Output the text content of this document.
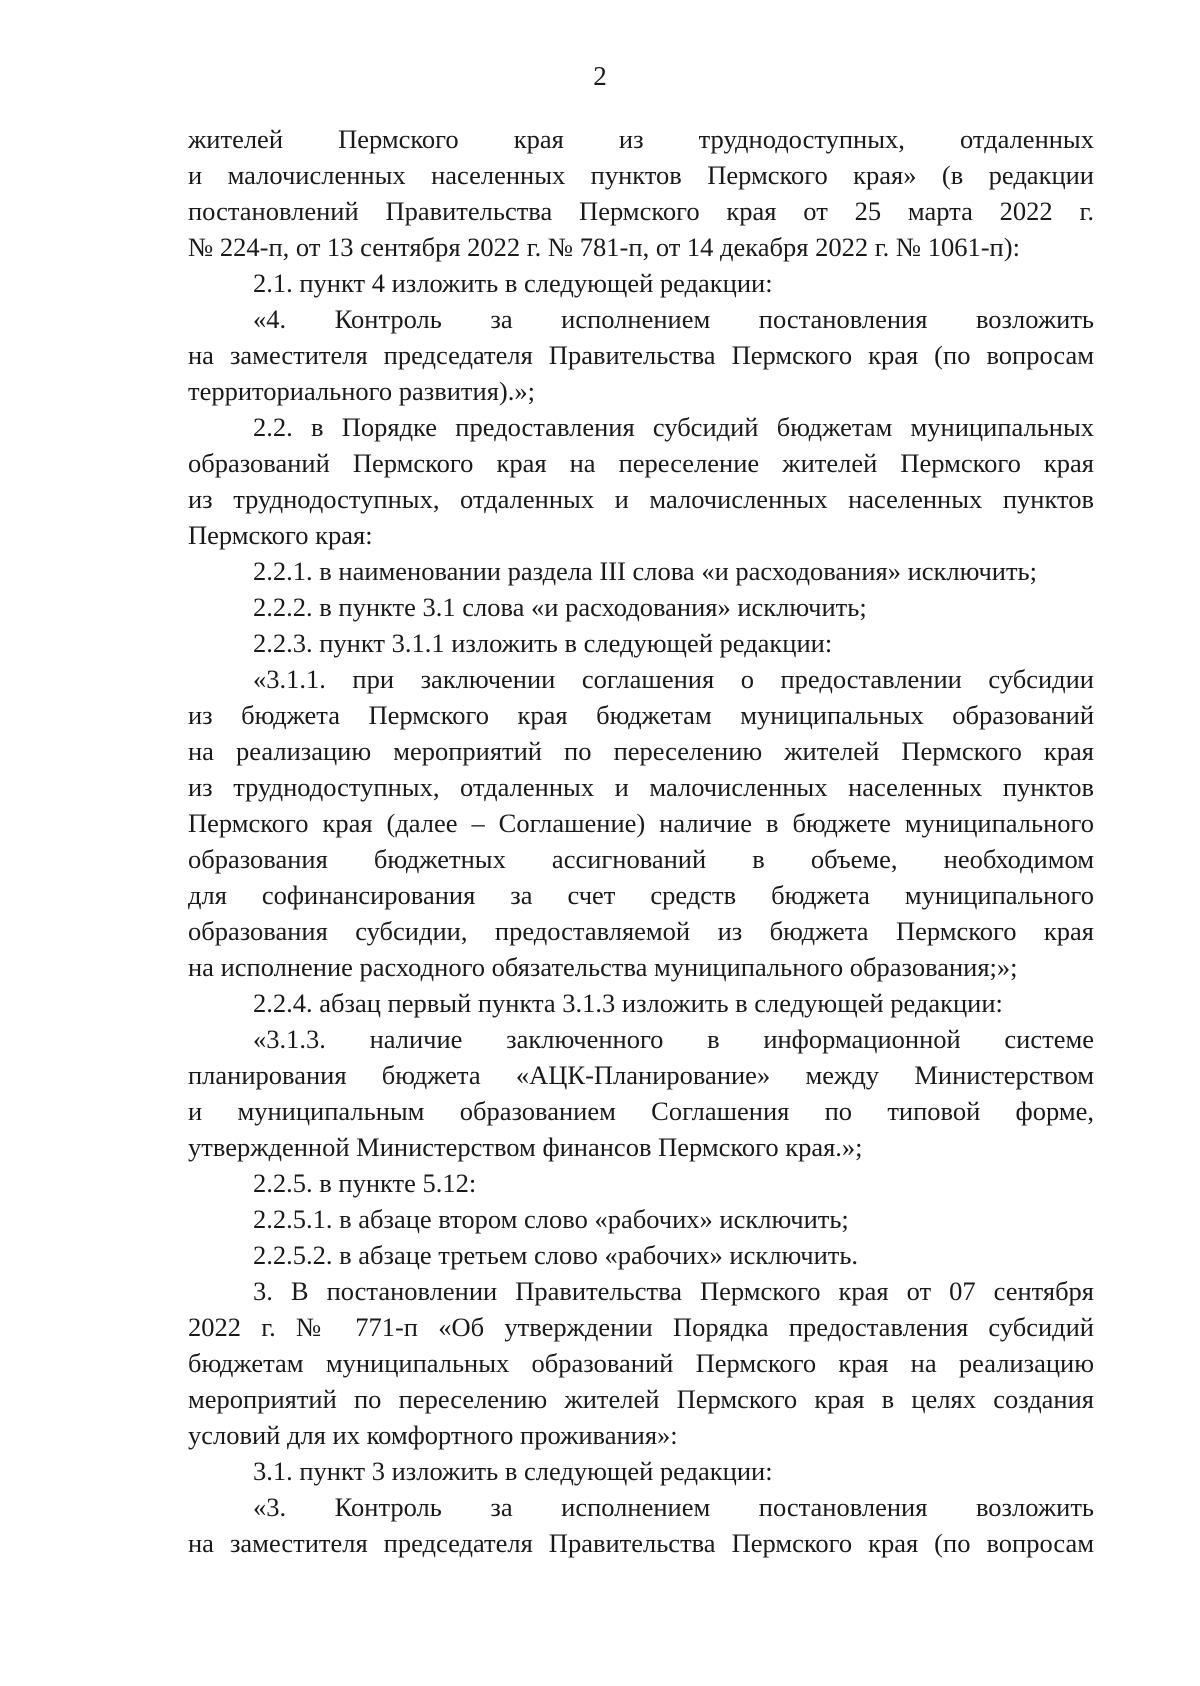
2
жителей Пермского края из труднодоступных, отдаленных
и малочисленных населенных пунктов Пермского края» (в редакции
постановлений Правительства Пермского края от 25 марта 2022 г.
№ 224-п, от 13 сентября 2022 г. № 781-п, от 14 декабря 2022 г. № 1061-п):
2.1. пункт 4 изложить в следующей редакции:
«4. Контроль за исполнением постановления возложить
на заместителя председателя Правительства Пермского края (по вопросам
территориального развития).»;
2.2. в Порядке предоставления субсидий бюджетам муниципальных
образований Пермского края на переселение жителей Пермского края
из труднодоступных, отдаленных и малочисленных населенных пунктов
Пермского края:
2.2.1. в наименовании раздела III слова «и расходования» исключить;
2.2.2. в пункте 3.1 слова «и расходования» исключить;
2.2.3. пункт 3.1.1 изложить в следующей редакции:
«3.1.1. при заключении соглашения о предоставлении субсидии
из бюджета Пермского края бюджетам муниципальных образований
на реализацию мероприятий по переселению жителей Пермского края
из труднодоступных, отдаленных и малочисленных населенных пунктов
Пермского края (далее – Соглашение) наличие в бюджете муниципального
образования бюджетных ассигнований в объеме, необходимом
для софинансирования за счет средств бюджета муниципального
образования субсидии, предоставляемой из бюджета Пермского края
на исполнение расходного обязательства муниципального образования;»;
2.2.4. абзац первый пункта 3.1.3 изложить в следующей редакции:
«3.1.3. наличие заключенного в информационной системе
планирования бюджета «АЦК-Планирование» между Министерством
и муниципальным образованием Соглашения по типовой форме,
утвержденной Министерством финансов Пермского края.»;
2.2.5. в пункте 5.12:
2.2.5.1. в абзаце втором слово «рабочих» исключить;
2.2.5.2. в абзаце третьем слово «рабочих» исключить.
3. В постановлении Правительства Пермского края от 07 сентября
2022 г. № 771-п «Об утверждении Порядка предоставления субсидий
бюджетам муниципальных образований Пермского края на реализацию
мероприятий по переселению жителей Пермского края в целях создания
условий для их комфортного проживания»:
3.1. пункт 3 изложить в следующей редакции:
«3. Контроль за исполнением постановления возложить
на заместителя председателя Правительства Пермского края (по вопросам
